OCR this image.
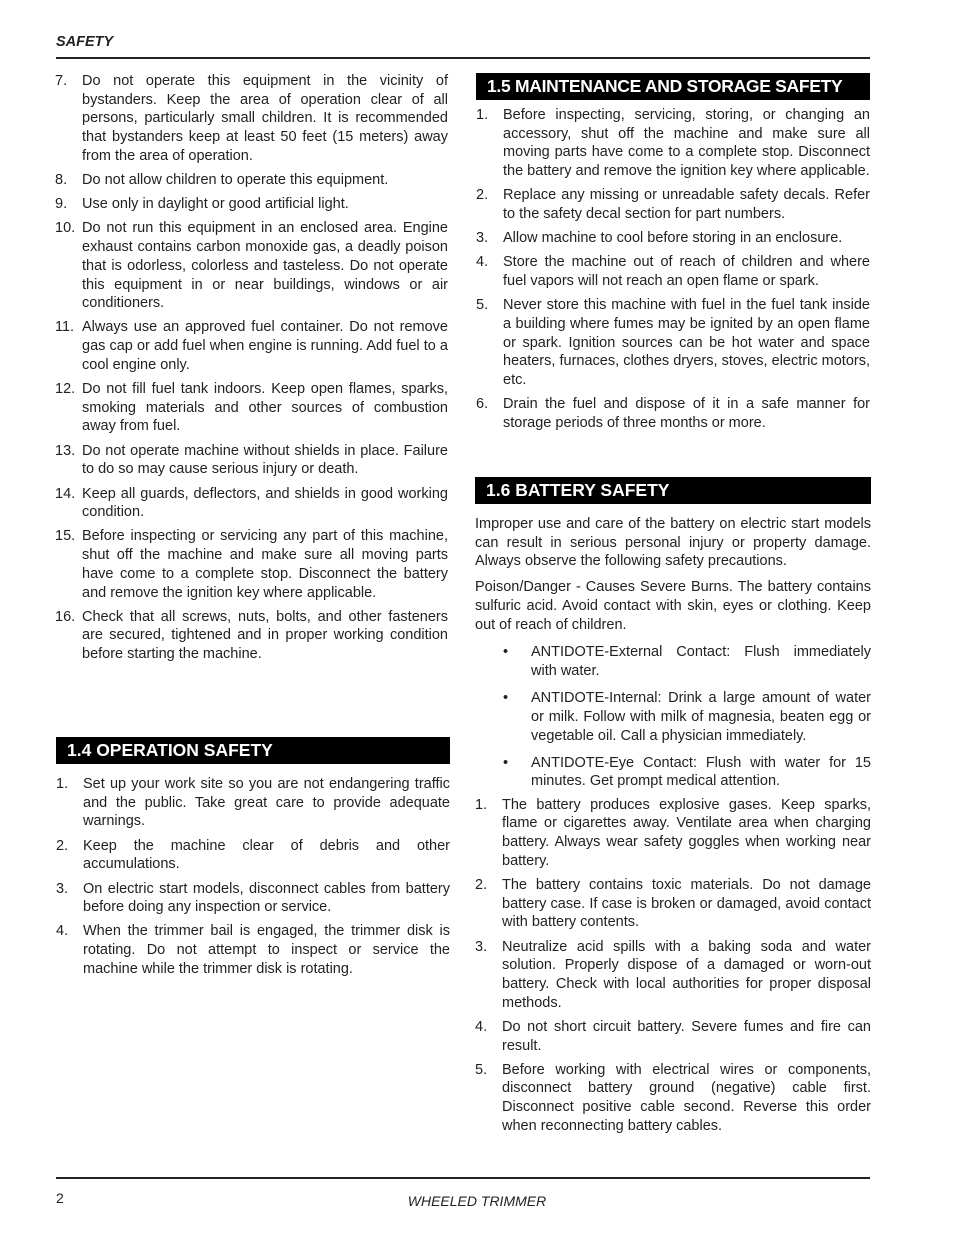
SAFETY
7. Do not operate this equipment in the vicinity of bystanders. Keep the area of operation clear of all persons, particularly small children. It is recommended that bystanders keep at least 50 feet (15 meters) away from the area of operation.
8. Do not allow children to operate this equipment.
9. Use only in daylight or good artificial light.
10. Do not run this equipment in an enclosed area. Engine exhaust contains carbon monoxide gas, a deadly poison that is odorless, colorless and tasteless. Do not operate this equipment in or near buildings, windows or air conditioners.
11. Always use an approved fuel container. Do not remove gas cap or add fuel when engine is running. Add fuel to a cool engine only.
12. Do not fill fuel tank indoors. Keep open flames, sparks, smoking materials and other sources of combustion away from fuel.
13. Do not operate machine without shields in place. Failure to do so may cause serious injury or death.
14. Keep all guards, deflectors, and shields in good working condition.
15. Before inspecting or servicing any part of this machine, shut off the machine and make sure all moving parts have come to a complete stop. Disconnect the battery and remove the ignition key where applicable.
16. Check that all screws, nuts, bolts, and other fasteners are secured, tightened and in proper working condition before starting the machine.
1.4 OPERATION SAFETY
1. Set up your work site so you are not endangering traffic and the public. Take great care to provide adequate warnings.
2. Keep the machine clear of debris and other accumulations.
3. On electric start models, disconnect cables from battery before doing any inspection or service.
4. When the trimmer bail is engaged, the trimmer disk is rotating. Do not attempt to inspect or service the machine while the trimmer disk is rotating.
1.5 MAINTENANCE AND STORAGE SAFETY
1. Before inspecting, servicing, storing, or changing an accessory, shut off the machine and make sure all moving parts have come to a complete stop. Disconnect the battery and remove the ignition key where applicable.
2. Replace any missing or unreadable safety decals. Refer to the safety decal section for part numbers.
3. Allow machine to cool before storing in an enclosure.
4. Store the machine out of reach of children and where fuel vapors will not reach an open flame or spark.
5. Never store this machine with fuel in the fuel tank inside a building where fumes may be ignited by an open flame or spark. Ignition sources can be hot water and space heaters, furnaces, clothes dryers, stoves, electric motors, etc.
6. Drain the fuel and dispose of it in a safe manner for storage periods of three months or more.
1.6 BATTERY SAFETY

Improper use and care of the battery on electric start models can result in serious personal injury or property damage. Always observe the following safety precautions.

Poison/Danger - Causes Severe Burns. The battery contains sulfuric acid. Avoid contact with skin, eyes or clothing. Keep out of reach of children.

• ANTIDOTE-External Contact: Flush immediately with water.
• ANTIDOTE-Internal: Drink a large amount of water or milk. Follow with milk of magnesia, beaten egg or vegetable oil. Call a physician immediately.
• ANTIDOTE-Eye Contact: Flush with water for 15 minutes. Get prompt medical attention.
1. The battery produces explosive gases. Keep sparks, flame or cigarettes away. Ventilate area when charging battery. Always wear safety goggles when working near battery.
2. The battery contains toxic materials. Do not damage battery case. If case is broken or damaged, avoid contact with battery contents.
3. Neutralize acid spills with a baking soda and water solution. Properly dispose of a damaged or worn-out battery. Check with local authorities for proper disposal methods.
4. Do not short circuit battery. Severe fumes and fire can result.
5. Before working with electrical wires or components, disconnect battery ground (negative) cable first. Disconnect positive cable second. Reverse this order when reconnecting battery cables.
2	WHEELED TRIMMER
